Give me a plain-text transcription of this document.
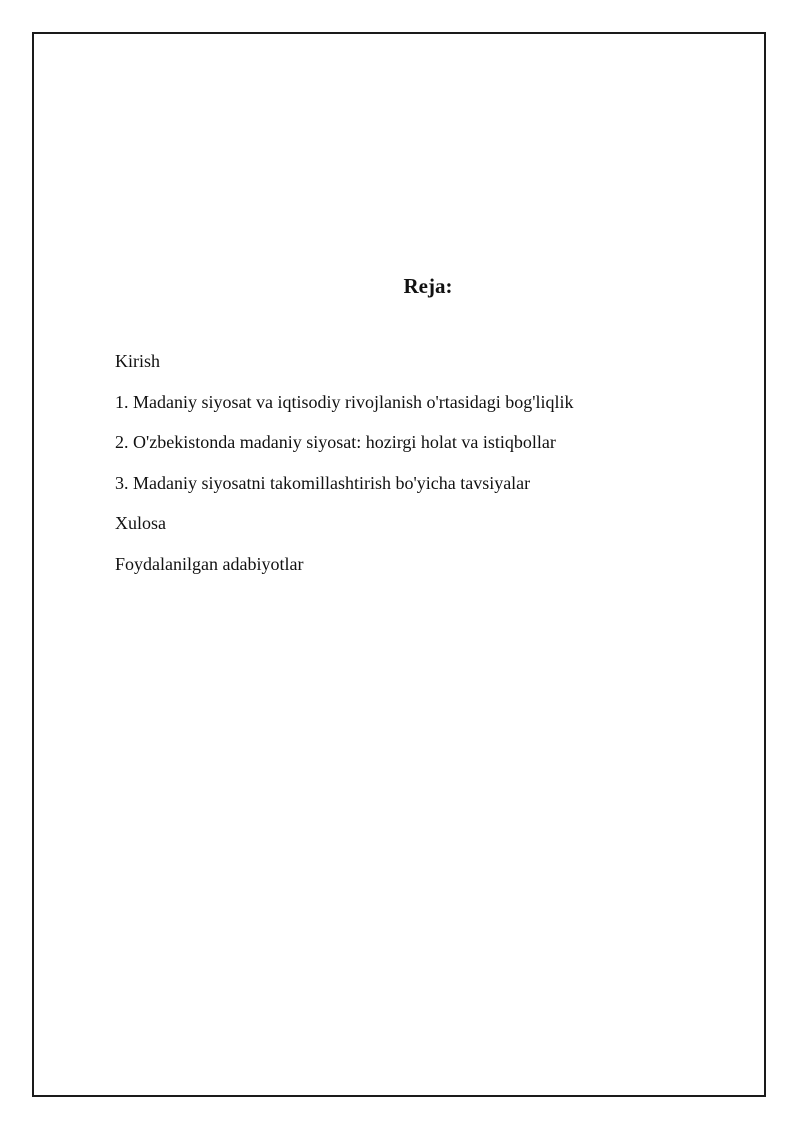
Reja:
Kirish
1. Madaniy siyosat va iqtisodiy rivojlanish o'rtasidagi bog'liqlik
2. O'zbekistonda madaniy siyosat: hozirgi holat va istiqbollar
3. Madaniy siyosatni takomillashtirish bo'yicha tavsiyalar
Xulosa
Foydalanilgan adabiyotlar
